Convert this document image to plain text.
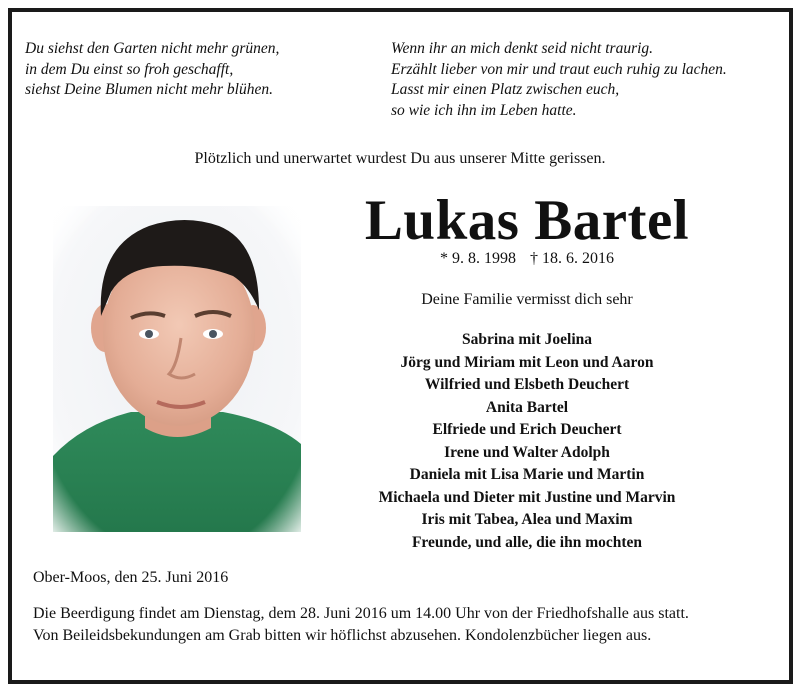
Du siehst den Garten nicht mehr grünen,
in dem Du einst so froh geschafft,
siehst Deine Blumen nicht mehr blühen.
Wenn ihr an mich denkt seid nicht traurig.
Erzählt lieber von mir und traut euch ruhig zu lachen.
Lasst mir einen Platz zwischen euch,
so wie ich ihn im Leben hatte.
Plötzlich und unerwartet wurdest Du aus unserer Mitte gerissen.
Lukas Bartel
* 9. 8. 1998 † 18. 6. 2016
Deine Familie vermisst dich sehr
Sabrina mit Joelina
Jörg und Miriam mit Leon und Aaron
Wilfried und Elsbeth Deuchert
Anita Bartel
Elfriede und Erich Deuchert
Irene und Walter Adolph
Daniela mit Lisa Marie und Martin
Michaela und Dieter mit Justine und Marvin
Iris mit Tabea, Alea und Maxim
Freunde, und alle, die ihn mochten
Ober-Moos, den 25. Juni 2016
Die Beerdigung findet am Dienstag, dem 28. Juni 2016 um 14.00 Uhr von der Friedhofshalle aus statt.
Von Beileidsbekundungen am Grab bitten wir höflichst abzusehen. Kondolenzbücher liegen aus.
